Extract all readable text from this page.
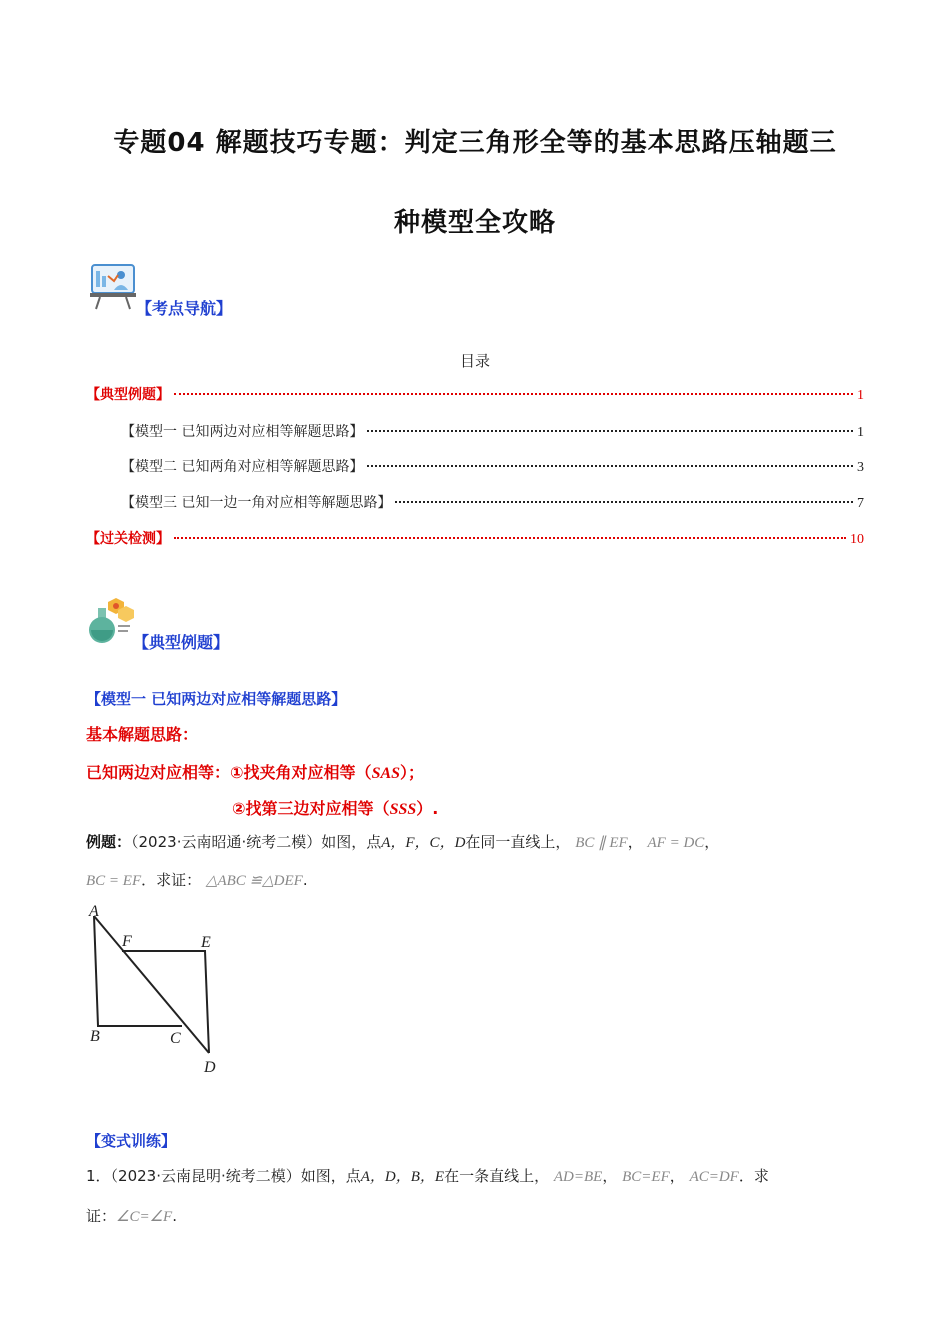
专题04 解题技巧专题：判定三角形全等的基本思路压轴题三
种模型全攻略
【考点导航】
目录
【典型例题】	1
【模型一 已知两边对应相等解题思路】	1
【模型二 已知两角对应相等解题思路】	3
【模型三 已知一边一角对应相等解题思路】	7
【过关检测】	10
【典型例题】
【模型一 已知两边对应相等解题思路】
基本解题思路：
已知两边对应相等：①找夹角对应相等（SAS）；
②找第三边对应相等（SSS）.
例题：（2023·云南昭通·统考二模）如图，点A，F，C，D在同一直线上， BC ∥ EF， AF = DC，
BC = EF．求证： △ABC ≌△DEF.
A
F	E
B	C
D
【变式训练】
1．（2023·云南昆明·统考二模）如图，点A，D，B，E在一条直线上， AD=BE， BC=EF， AC=DF．求
证：∠C=∠F.
